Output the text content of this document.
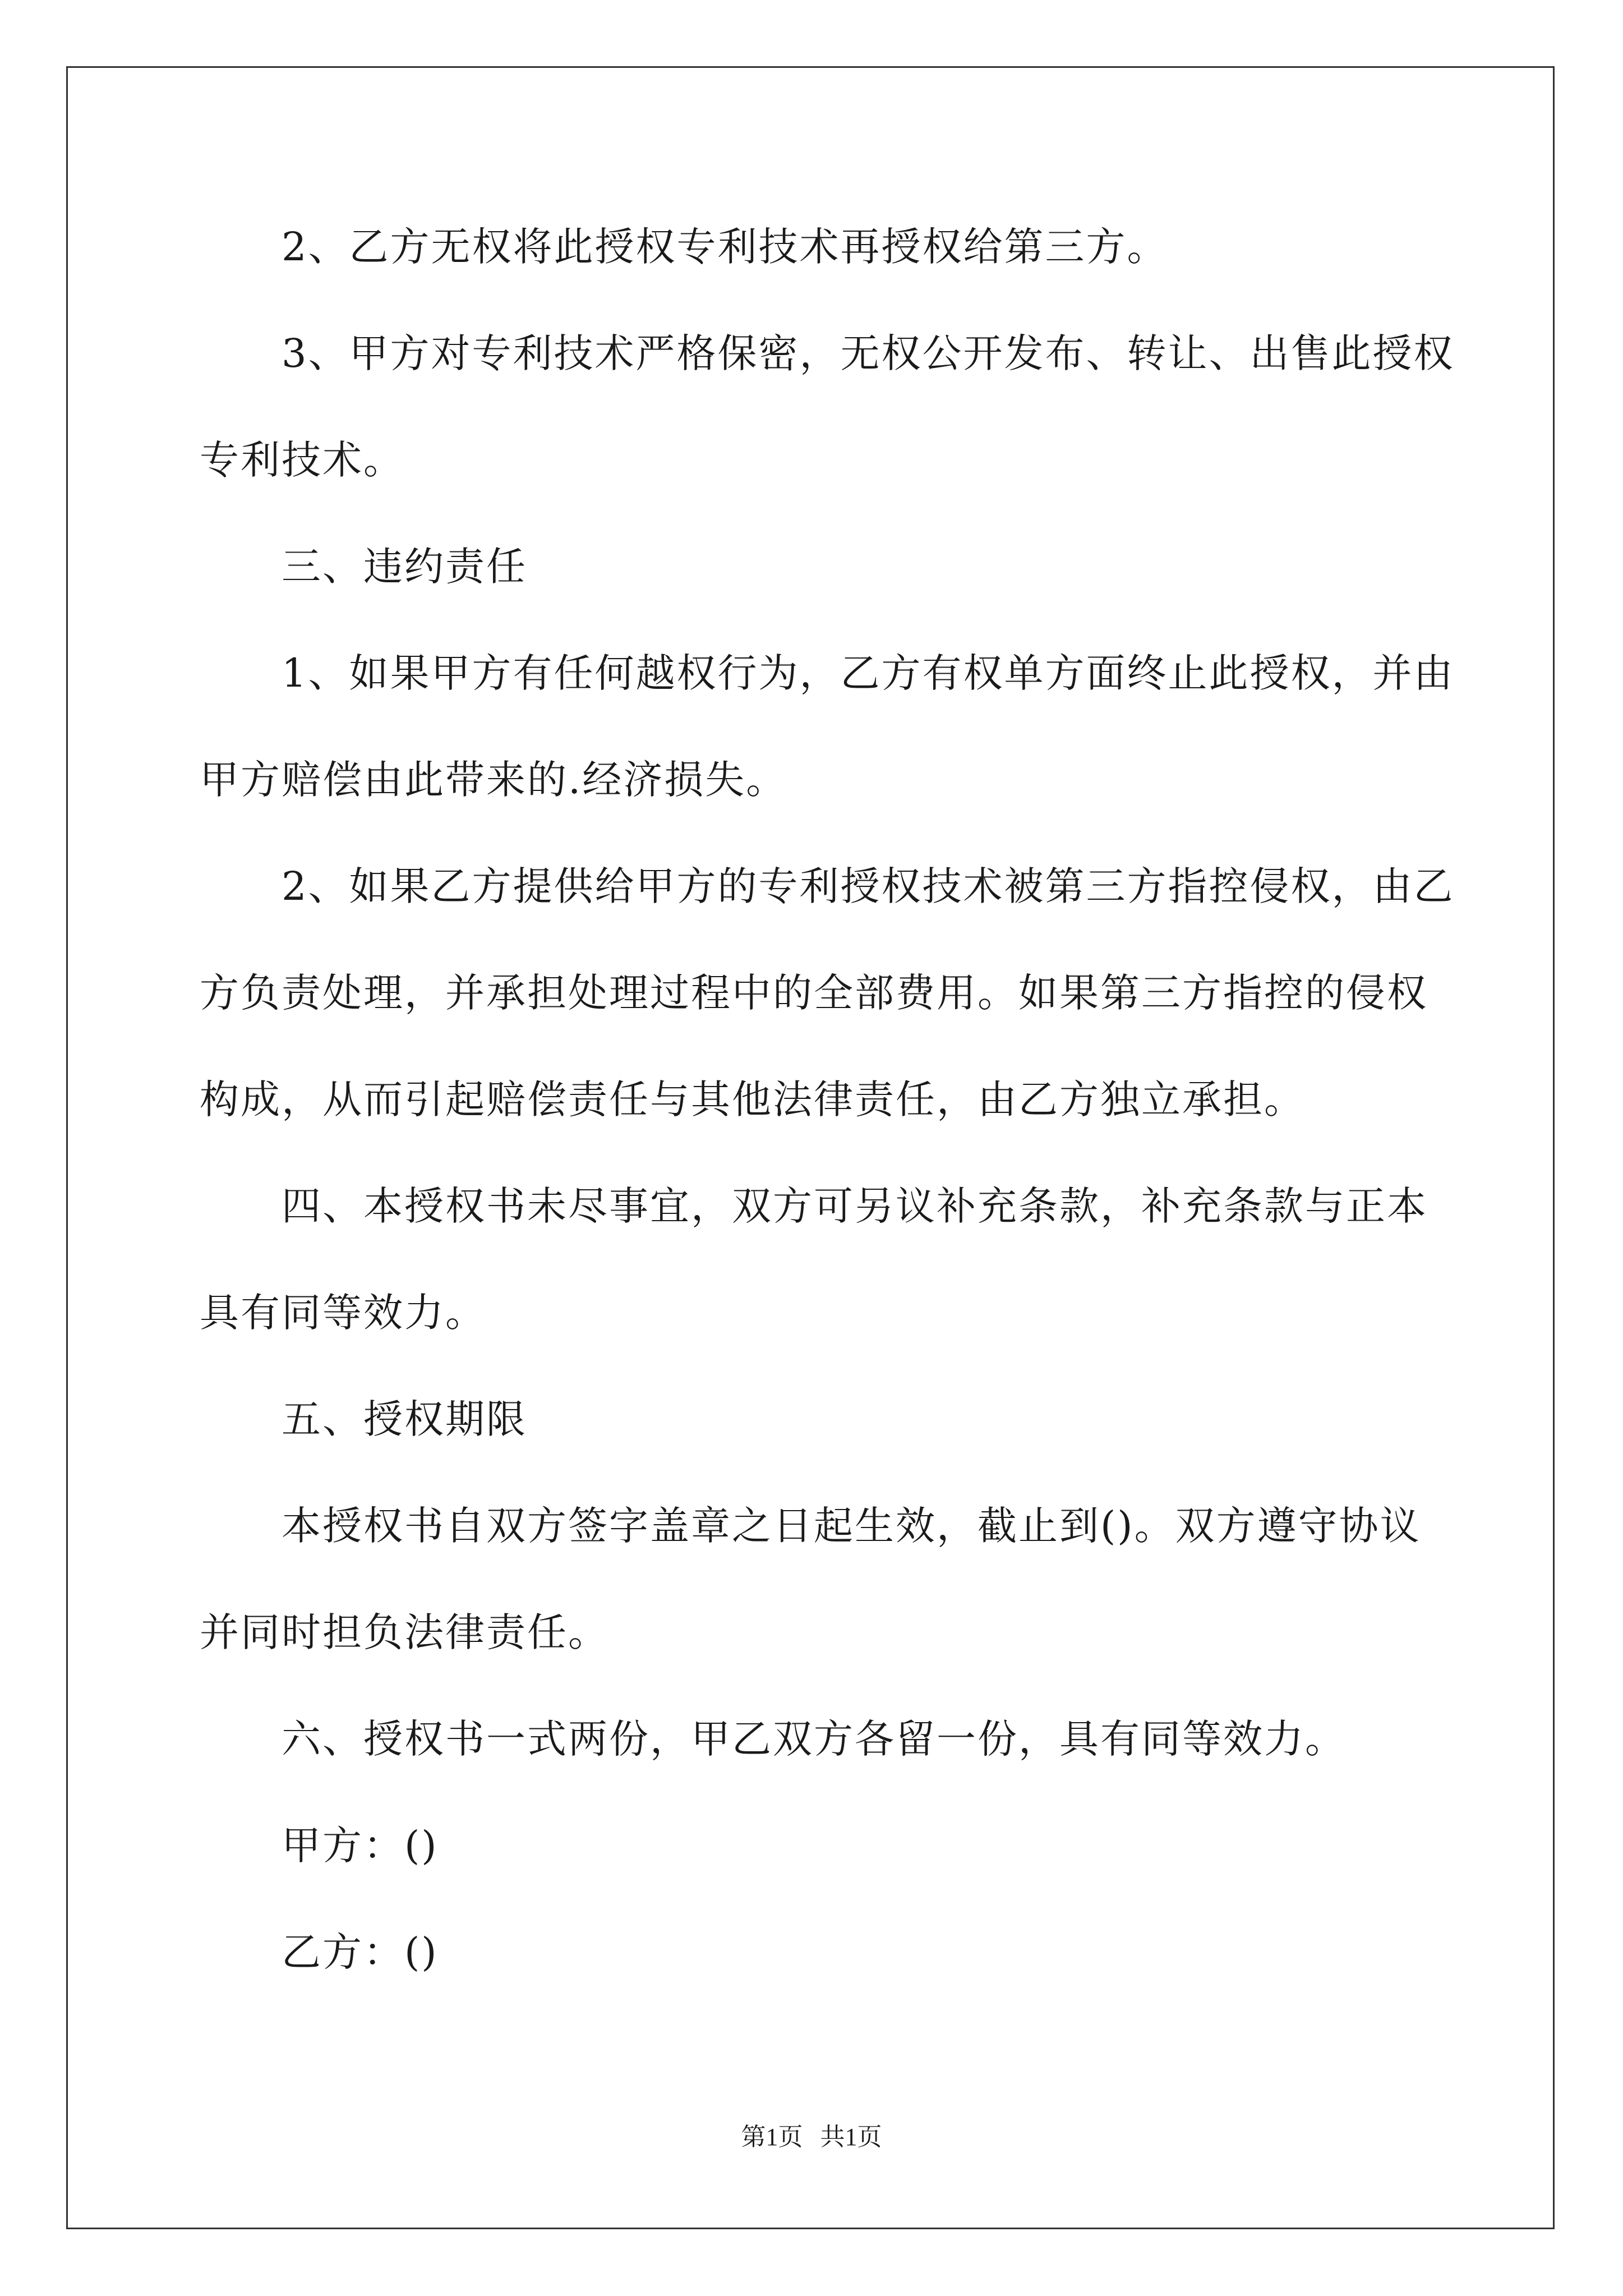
2、乙方无权将此授权专利技术再授权给第三方。
3、甲方对专利技术严格保密，无权公开发布、转让、出售此授权
专利技术。
三、违约责任
1、如果甲方有任何越权行为，乙方有权单方面终止此授权，并由
甲方赔偿由此带来的.经济损失。
2、如果乙方提供给甲方的专利授权技术被第三方指控侵权，由乙
方负责处理，并承担处理过程中的全部费用。如果第三方指控的侵权
构成，从而引起赔偿责任与其他法律责任，由乙方独立承担。
四、本授权书未尽事宜，双方可另议补充条款，补充条款与正本
具有同等效力。
五、授权期限
本授权书自双方签字盖章之日起生效，截止到()。双方遵守协议
并同时担负法律责任。
六、授权书一式两份，甲乙双方各留一份，具有同等效力。
甲方：()
乙方：()
第1页 共1页
